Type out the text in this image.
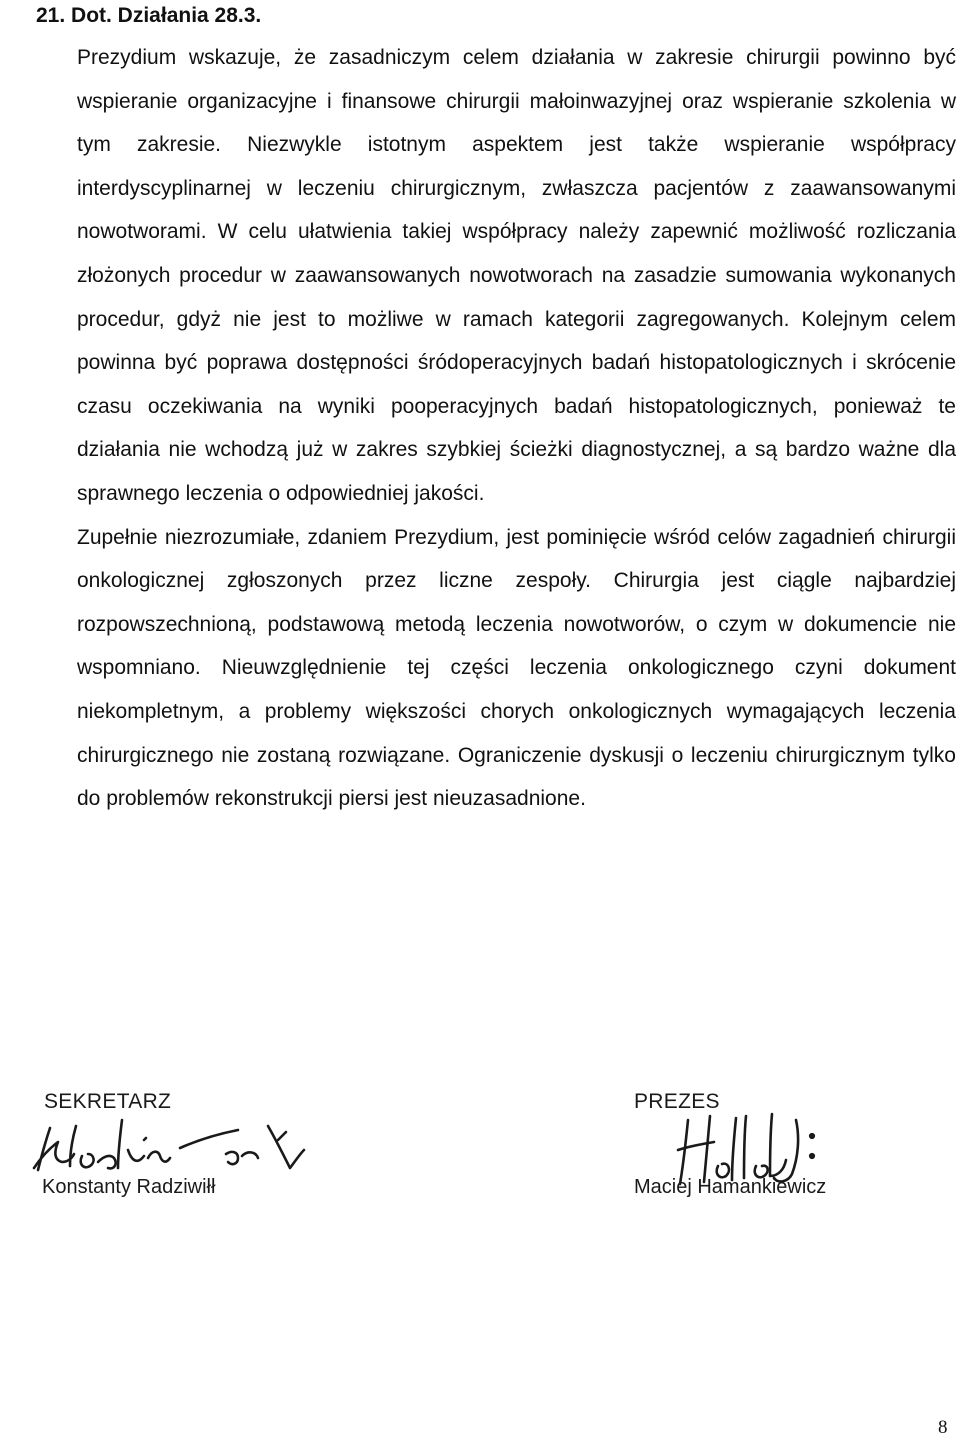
21. Dot. Działania 28.3.

Prezydium wskazuje, że zasadniczym celem działania w zakresie chirurgii powinno być wspieranie organizacyjne i finansowe chirurgii małoinwazyjnej oraz wspieranie szkolenia w tym zakresie. Niezwykle istotnym aspektem jest także wspieranie współpracy interdyscyplinarnej w leczeniu chirurgicznym, zwłaszcza pacjentów z zaawansowanymi nowotworami. W celu ułatwienia takiej współpracy należy zapewnić możliwość rozliczania złożonych procedur w zaawansowanych nowotworach na zasadzie sumowania wykonanych procedur, gdyż nie jest to możliwe w ramach kategorii zagregowanych. Kolejnym celem powinna być poprawa dostępności śródoperacyjnych badań histopatologicznych i skrócenie czasu oczekiwania na wyniki pooperacyjnych badań histopatologicznych, ponieważ te działania nie wchodzą już w zakres szybkiej ścieżki diagnostycznej, a są bardzo ważne dla sprawnego leczenia o odpowiedniej jakości.

Zupełnie niezrozumiałe, zdaniem Prezydium, jest pominięcie wśród celów zagadnień chirurgii onkologicznej zgłoszonych przez liczne zespoły. Chirurgia jest ciągle najbardziej rozpowszechnioną, podstawową metodą leczenia nowotworów, o czym w dokumencie nie wspomniano. Nieuwzględnienie tej części leczenia onkologicznego czyni dokument niekompletnym, a problemy większości chorych onkologicznych wymagających leczenia chirurgicznego nie zostaną rozwiązane. Ograniczenie dyskusji o leczeniu chirurgicznym tylko do problemów rekonstrukcji piersi jest nieuzasadnione.

SEKRETARZ
Konstanty Radziwiłł
PREZES
Maciej Hamankiewicz
8
